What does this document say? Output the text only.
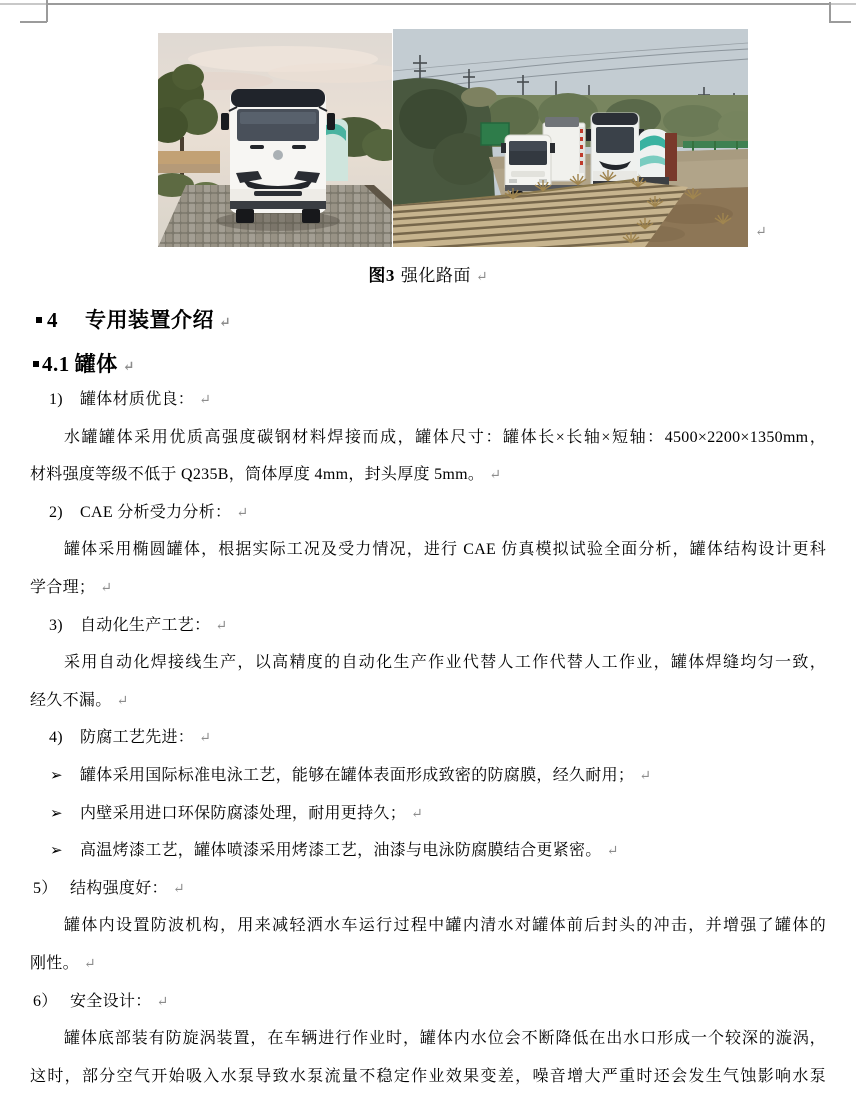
↵
图3 强化路面 ↵
4 专用装置介绍 ↵
4.1 罐体 ↵
1) 罐体材质优良： ↵
水罐罐体采用优质高强度碳钢材料焊接而成，罐体尺寸：罐体长×长轴×短轴：4500×2200×1350mm，
材料强度等级不低于 Q235B，筒体厚度 4mm，封头厚度 5mm。 ↵
2) CAE 分析受力分析： ↵
罐体采用椭圆罐体，根据实际工况及受力情况，进行 CAE 仿真模拟试验全面分析，罐体结构设计更科
学合理； ↵
3) 自动化生产工艺： ↵
采用自动化焊接线生产，以高精度的自动化生产作业代替人工作代替人工作业，罐体焊缝均匀一致，
经久不漏。 ↵
4) 防腐工艺先进： ↵
➢ 罐体采用国际标准电泳工艺，能够在罐体表面形成致密的防腐膜，经久耐用； ↵
➢ 内壁采用进口环保防腐漆处理，耐用更持久； ↵
➢ 高温烤漆工艺，罐体喷漆采用烤漆工艺，油漆与电泳防腐膜结合更紧密。 ↵
5） 结构强度好： ↵
罐体内设置防波机构，用来减轻洒水车运行过程中罐内清水对罐体前后封头的冲击，并增强了罐体的
刚性。 ↵
6） 安全设计： ↵
罐体底部装有防旋涡装置，在车辆进行作业时，罐体内水位会不断降低在出水口形成一个较深的漩涡，
这时，部分空气开始吸入水泵导致水泵流量不稳定作业效果变差，噪音增大严重时还会发生气蚀影响水泵
